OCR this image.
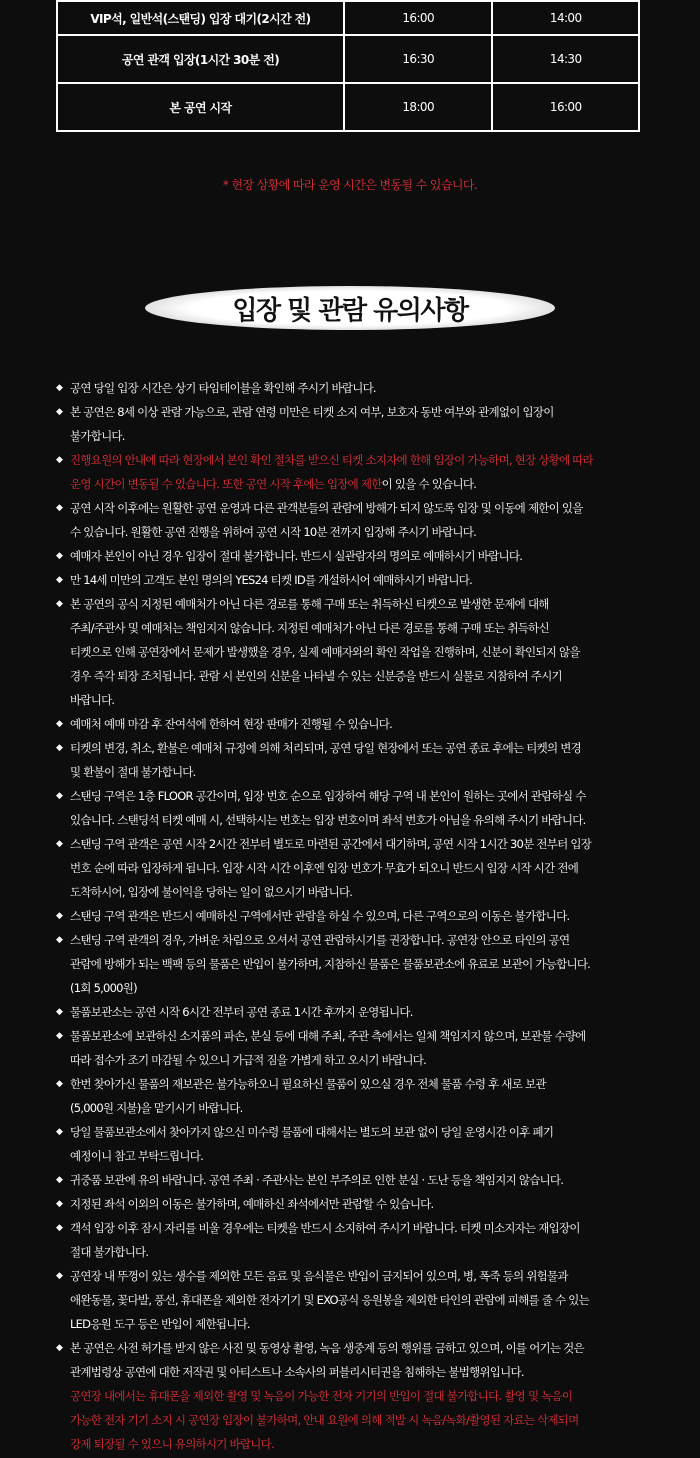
VIP석, 일반석(스탠딩) 입장 대기(2시간 전)	16:00	14:00
공연 관객 입장(1시간 30분 전)	16:30	14:30
본 공연 시작	18:00	16:00
* 현장 상황에 따라 운영 시간은 변동될 수 있습니다.
입장 및 관람 유의사항
◆ 공연 당일 입장 시간은 상기 타임테이블을 확인해 주시기 바랍니다.
◆ 본 공연은 8세 이상 관람 가능으로, 관람 연령 미만은 티켓 소지 여부, 보호자 동반 여부와 관계없이 입장이
불가합니다.
◆ 진행요원의 안내에 따라 현장에서 본인 확인 절차를 받으신 티켓 소지자에 한해 입장이 가능하며, 현장 상황에 따라
운영 시간이 변동될 수 있습니다. 또한 공연 시작 후에는 입장에 제한이 있을 수 있습니다.
◆ 공연 시작 이후에는 원활한 공연 운영과 다른 관객분들의 관람에 방해가 되지 않도록 입장 및 이동에 제한이 있을
수 있습니다. 원활한 공연 진행을 위하여 공연 시작 10분 전까지 입장해 주시기 바랍니다.
◆ 예매자 본인이 아닌 경우 입장이 절대 불가합니다. 반드시 실관람자의 명의로 예매하시기 바랍니다.
◆ 만 14세 미만의 고객도 본인 명의의 YES24 티켓 ID를 개설하시어 예매하시기 바랍니다.
◆ 본 공연의 공식 지정된 예매처가 아닌 다른 경로를 통해 구매 또는 취득하신 티켓으로 발생한 문제에 대해
주최/주관사 및 예매처는 책임지지 않습니다. 지정된 예매처가 아닌 다른 경로를 통해 구매 또는 취득하신
티켓으로 인해 공연장에서 문제가 발생했을 경우, 실제 예매자와의 확인 작업을 진행하며, 신분이 확인되지 않을
경우 즉각 퇴장 조치됩니다. 관람 시 본인의 신분을 나타낼 수 있는 신분증을 반드시 실물로 지참하여 주시기
바랍니다.
◆ 예매처 예매 마감 후 잔여석에 한하여 현장 판매가 진행될 수 있습니다.
◆ 티켓의 변경, 취소, 환불은 예매처 규정에 의해 처리되며, 공연 당일 현장에서 또는 공연 종료 후에는 티켓의 변경
및 환불이 절대 불가합니다.
◆ 스탠딩 구역은 1층 FLOOR 공간이며, 입장 번호 순으로 입장하여 해당 구역 내 본인이 원하는 곳에서 관람하실 수
있습니다. 스탠딩석 티켓 예매 시, 선택하시는 번호는 입장 번호이며 좌석 번호가 아님을 유의해 주시기 바랍니다.
◆ 스탠딩 구역 관객은 공연 시작 2시간 전부터 별도로 마련된 공간에서 대기하며, 공연 시작 1시간 30분 전부터 입장
번호 순에 따라 입장하게 됩니다. 입장 시작 시간 이후엔 입장 번호가 무효가 되오니 반드시 입장 시작 시간 전에
도착하시어, 입장에 불이익을 당하는 일이 없으시기 바랍니다.
◆ 스탠딩 구역 관객은 반드시 예매하신 구역에서만 관람을 하실 수 있으며, 다른 구역으로의 이동은 불가합니다.
◆ 스탠딩 구역 관객의 경우, 가벼운 차림으로 오셔서 공연 관람하시기를 권장합니다. 공연장 안으로 타인의 공연
관람에 방해가 되는 백팩 등의 물품은 반입이 불가하며, 지참하신 물품은 물품보관소에 유료로 보관이 가능합니다.
(1회 5,000원)
◆ 물품보관소는 공연 시작 6시간 전부터 공연 종료 1시간 후까지 운영됩니다.
◆ 물품보관소에 보관하신 소지품의 파손, 분실 등에 대해 주최, 주관 측에서는 일체 책임지지 않으며, 보관물 수량에
따라 접수가 조기 마감될 수 있으니 가급적 짐을 가볍게 하고 오시기 바랍니다.
◆ 한번 찾아가신 물품의 재보관은 불가능하오니 필요하신 물품이 있으실 경우 전체 물품 수령 후 새로 보관
(5,000원 지불)을 맡기시기 바랍니다.
◆ 당일 물품보관소에서 찾아가지 않으신 미수령 물품에 대해서는 별도의 보관 없이 당일 운영시간 이후 폐기
예정이니 참고 부탁드립니다.
◆ 귀중품 보관에 유의 바랍니다. 공연 주최 · 주관사는 본인 부주의로 인한 분실 · 도난 등을 책임지지 않습니다.
◆ 지정된 좌석 이외의 이동은 불가하며, 예매하신 좌석에서만 관람할 수 있습니다.
◆ 객석 입장 이후 잠시 자리를 비울 경우에는 티켓을 반드시 소지하여 주시기 바랍니다. 티켓 미소지자는 재입장이
절대 불가합니다.
◆ 공연장 내 뚜껑이 있는 생수를 제외한 모든 음료 및 음식물은 반입이 금지되어 있으며, 병, 폭죽 등의 위험물과
애완동물, 꽃다발, 풍선, 휴대폰을 제외한 전자기기 및 EXO공식 응원봉을 제외한 타인의 관람에 피해를 줄 수 있는
LED응원 도구 등은 반입이 제한됩니다.
◆ 본 공연은 사전 허가를 받지 않은 사진 및 동영상 촬영, 녹음 생중계 등의 행위를 금하고 있으며, 이를 어기는 것은
관계법령상 공연에 대한 저작권 및 아티스트나 소속사의 퍼블리시티권을 침해하는 불법행위입니다.
공연장 내에서는 휴대폰을 제외한 촬영 및 녹음이 가능한 전자 기기의 반입이 절대 불가합니다. 촬영 및 녹음이
가능한 전자 기기 소지 시 공연장 입장이 불가하며, 안내 요원에 의해 적발 시 녹음/녹화/촬영된 자료는 삭제되며
강제 퇴장될 수 있으니 유의하시기 바랍니다.
